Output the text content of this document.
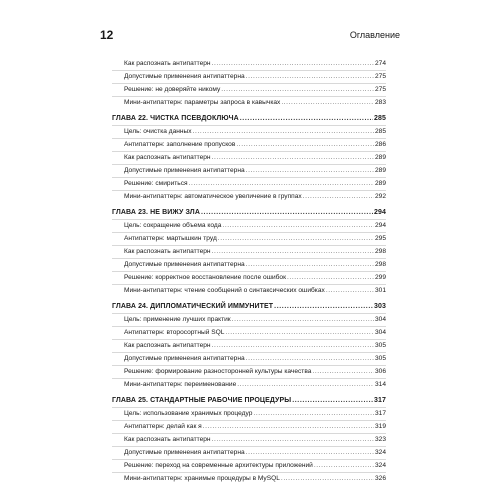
12	Оглавление
Как распознать антипаттерн .....	274
Допустимые применения антипаттерна .....	275
Решение: не доверяйте никому .....	275
Мини-антипаттерн: параметры запроса в кавычках .....	283
ГЛАВА 22. ЧИСТКА ПСЕВДОКЛЮЧА .....	285
Цель: очистка данных .....	285
Антипаттерн: заполнение пропусков .....	286
Как распознать антипаттерн .....	289
Допустимые применения антипаттерна .....	289
Решение: смириться .....	289
Мини-антипаттерн: автоматическое увеличение в группах .....	292
ГЛАВА 23. НЕ ВИЖУ ЗЛА .....	294
Цель: сокращение объема кода .....	294
Антипаттерн: мартышкин труд .....	295
Как распознать антипаттерн .....	298
Допустимые применения антипаттерна .....	298
Решение: корректное восстановление после ошибок .....	299
Мини-антипаттерн: чтение сообщений о синтаксических ошибках .....	301
ГЛАВА 24. ДИПЛОМАТИЧЕСКИЙ ИММУНИТЕТ .....	303
Цель: применение лучших практик .....	304
Антипаттерн: второсортный SQL .....	304
Как распознать антипаттерн .....	305
Допустимые применения антипаттерна .....	305
Решение: формирование разносторонней культуры качества .....	306
Мини-антипаттерн: переименование .....	314
ГЛАВА 25. СТАНДАРТНЫЕ РАБОЧИЕ ПРОЦЕДУРЫ .....	317
Цель: использование хранимых процедур .....	317
Антипаттерн: делай как я .....	319
Как распознать антипаттерн .....	323
Допустимые применения антипаттерна .....	324
Решение: переход на современные архитектуры приложений .....	324
Мини-антипаттерн: хранимые процедуры в MySQL .....	326
